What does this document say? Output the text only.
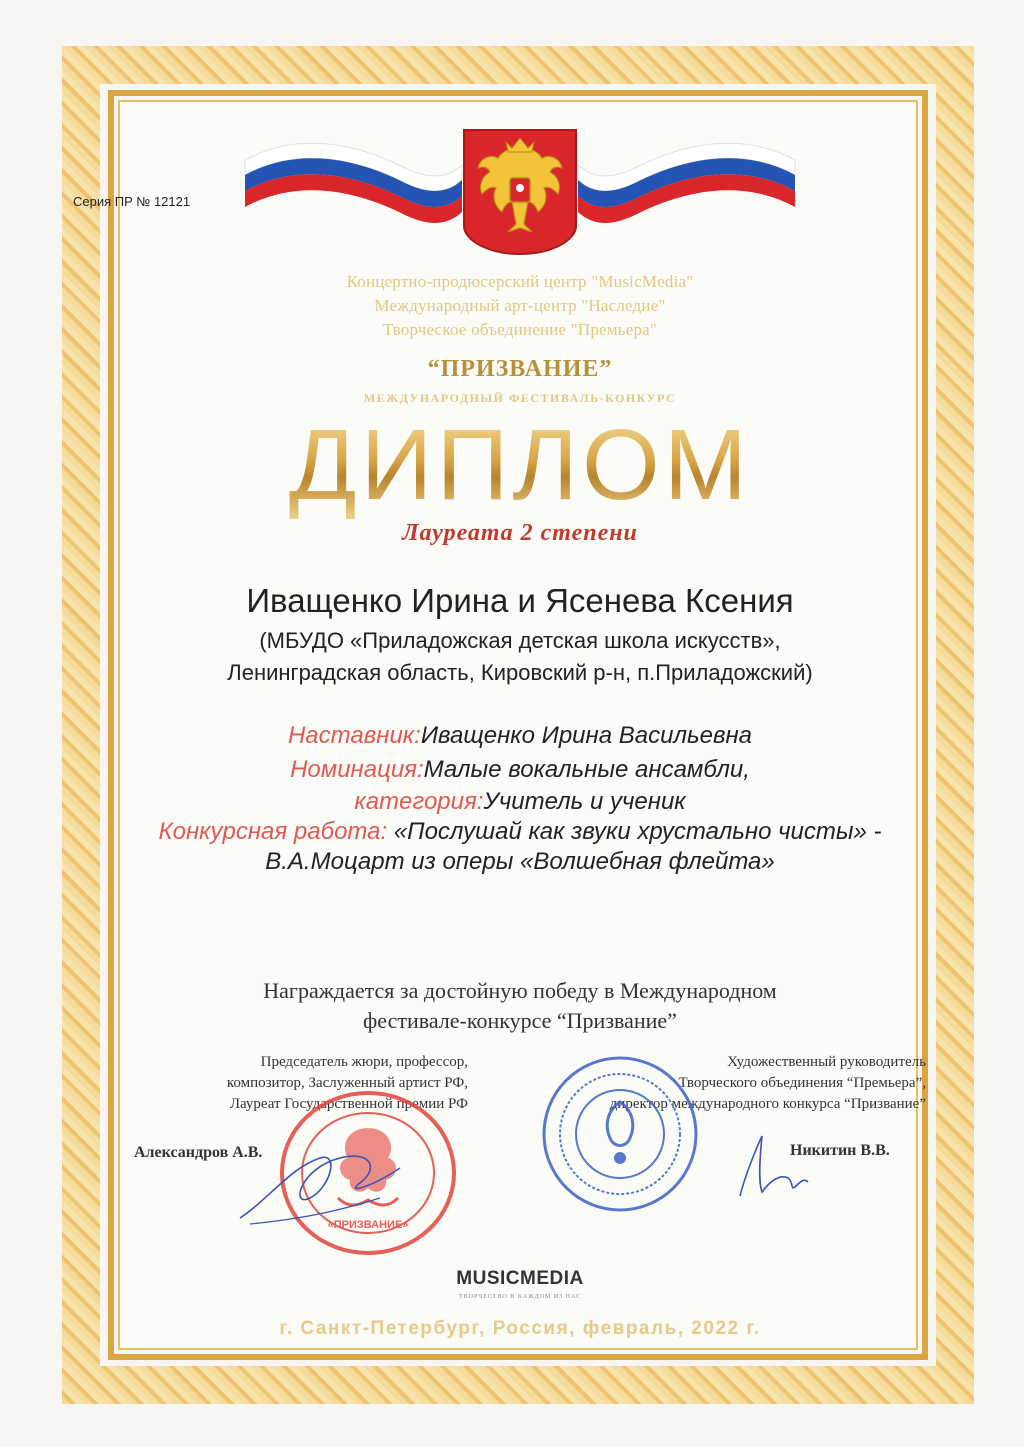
Серия ПР № 12121
Концертно-продюсерский центр "MusicMedia"
Международный арт-центр "Наследие"
Творческое объединение "Премьера"
“ПРИЗВАНИЕ”
МЕЖДУНАРОДНЫЙ ФЕСТИВАЛЬ-КОНКУРС
ДИПЛОМ
Лауреата 2 степени
Иващенко Ирина и Ясенева Ксения
(МБУДО «Приладожская детская школа искусств»,
Ленинградская область, Кировский р-н, п.Приладожский)
Наставник:Иващенко Ирина Васильевна
Номинация:Малые вокальные ансамбли,
категория:Учитель и ученик
Конкурсная работа: «Послушай как звуки хрустально чисты» -
В.А.Моцарт из оперы «Волшебная флейта»
Награждается за достойную победу в Международном
фестивале-конкурсе “Призвание”
Председатель жюри, профессор,
композитор, Заслуженный артист РФ,
Лауреат Государственной премии РФ
Художественный руководитель
Творческого объединения “Премьера”,
директор международного конкурса “Призвание”
«ПРИЗВАНИЕ»
Александров А.В.	Никитин В.В.
MUSICMEDIA
ТВОРЧЕСТВО В КАЖДОМ ИЗ НАС
г. Санкт-Петербург, Россия, февраль, 2022 г.
